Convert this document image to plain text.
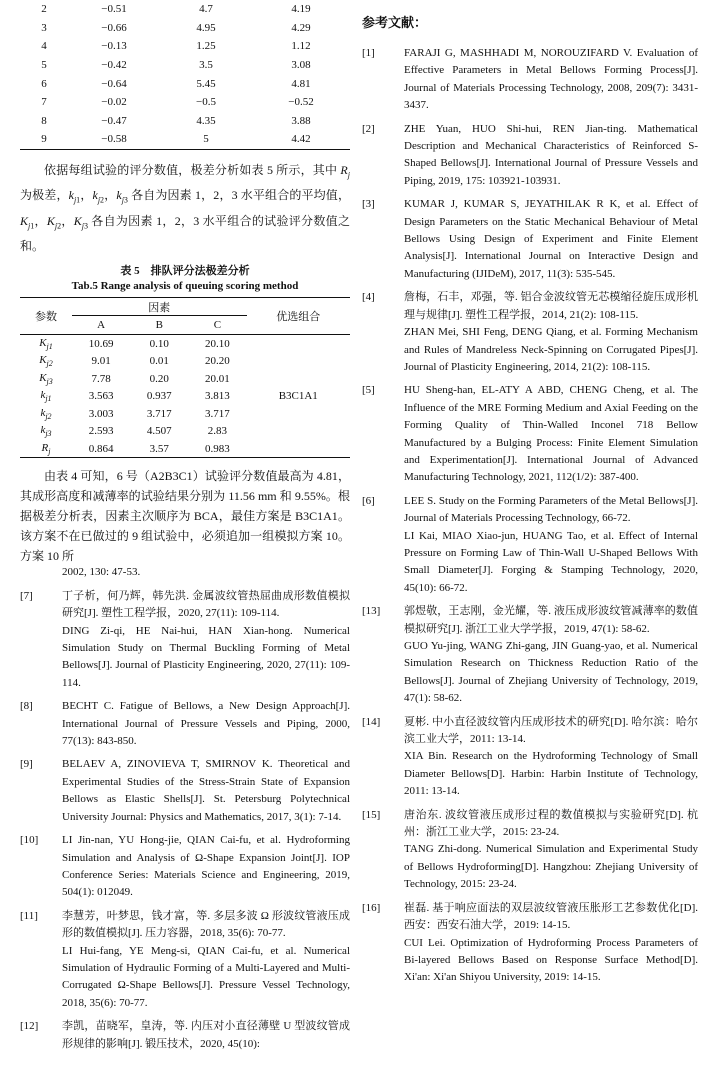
2	−0.51	4.7	4.19
3	−0.66	4.95	4.29
4	−0.13	1.25	1.12
5	−0.42	3.5	3.08
6	−0.64	5.45	4.81
7	−0.02	−0.5	−0.52
8	−0.47	4.35	3.88
9	−0.58	5	4.42

依据每组试验的评分数值，极差分析如表 5 所示，其中 $R_j$ 为极差，$k_{j1}$，$k_{j2}$，$k_{j3}$ 各自为因素 1，2，3 水平组合的平均值，$K_{j1}$，$K_{j2}$，$K_{j3}$ 各自为因素 1，2，3 水平组合的试验评分数值之和。

表 5　排队评分法极差分析

Tab.5 Range analysis of queuing scoring method

参数	因素			优选组合
	A	B	C	
$K_{j1}$	10.69	0.10	20.10	B3C1A1
$K_{j2}$	9.01	0.01	20.20	
$K_{j3}$	7.78	0.20	20.01	
$k_{j1}$	3.563	0.937	3.813	
$k_{j2}$	3.003	3.717	3.717	
$k_{j3}$	2.593	4.507	2.83	
$R_j$	0.864	3.57	0.983	

由表 4 可知，6 号（A2B3C1）试验评分数值最高为 4.81，其成形高度和减薄率的试验结果分别为 11.56 mm 和 9.55%。根据极差分析表，因素主次顺序为 BCA，最佳方案是 B3C1A1。该方案不在已做过的 9 组试验中，必须追加一组模拟方案 10。方案 10 所

2002, 130: 47-53.

[7]	丁子析，何乃辉，韩先洪. 金属波纹管热屈曲成形数值模拟研究[J]. 塑性工程学报，2020, 27(11): 109-114.
DING Zi-qi, HE Nai-hui, HAN Xian-hong. Numerical Simulation Study on Thermal Buckling Forming of Metal Bellows[J]. Journal of Plasticity Engineering, 2020, 27(11): 109-114.

[8]	BECHT C. Fatigue of Bellows, a New Design Approach[J]. International Journal of Pressure Vessels and Piping, 2000, 77(13): 843-850.

[9]	BELAEV A, ZINOVIEVA T, SMIRNOV K. Theoretical and Experimental Studies of the Stress-Strain State of Expansion Bellows as Elastic Shells[J]. St. Petersburg Polytechnical University Journal: Physics and Mathematics, 2017, 3(1): 7-14.

[10] LI Jin-nan, YU Hong-jie, QIAN Cai-fu, et al. Hydroforming Simulation and Analysis of Ω-Shape Expansion Joint[J]. IOP Conference Series: Materials Science and Engineering, 2019, 504(1): 012049.

[11] 李慧芳，叶梦思，钱才富，等. 多层多波 Ω 形波纹管液压成形的数值模拟[J]. 压力容器，2018, 35(6): 70-77.
LI Hui-fang, YE Meng-si, QIAN Cai-fu, et al. Numerical Simulation of Hydraulic Forming of a Multi-Layered and Multi-Corrugated Ω-Shape Bellows[J]. Pressure Vessel Technology, 2018, 35(6): 70-77.

[12] 李凯，苗晓军，皇涛，等. 内压对小直径薄壁 U 型波纹管成形规律的影响[J]. 锻压技术，2020, 45(10):

参考文献：

[1]	FARAJI G, MASHHADI M, NOROUZIFARD V. Evaluation of Effective Parameters in Metal Bellows Forming Process[J]. Journal of Materials Processing Technology, 2008, 209(7): 3431-3437.

[2]	ZHE Yuan, HUO Shi-hui, REN Jian-ting. Mathematical Description and Mechanical Characteristics of Reinforced S-Shaped Bellows[J]. International Journal of Pressure Vessels and Piping, 2019, 175: 103921-103931.

[3]	KUMAR J, KUMAR S, JEYATHILAK R K, et al. Effect of Design Parameters on the Static Mechanical Behaviour of Metal Bellows Using Design of Experiment and Finite Element Analysis[J]. International Journal on Interactive Design and Manufacturing (IJIDeM), 2017, 11(3): 535-545.

[4]	詹梅，石丰，邓强，等. 铝合金波纹管无芯模缩径旋压成形机理与规律[J]. 塑性工程学报，2014, 21(2): 108-115.
ZHAN Mei, SHI Feng, DENG Qiang, et al. Forming Mechanism and Rules of Mandreless Neck-Spinning on Corrugated Pipes[J]. Journal of Plasticity Engineering, 2014, 21(2): 108-115.

[5]	HU Sheng-han, EL-ATY A ABD, CHENG Cheng, et al. The Influence of the MRE Forming Medium and Axial Feeding on the Forming Quality of Thin-Walled Inconel 718 Bellow Manufactured by a Bulging Process: Finite Element Simulation and Experimentation[J]. International Journal of Advanced Manufacturing Technology, 2021, 112(1/2): 387-400.

[6]	LEE S. Study on the Forming Parameters of the Metal Bellows[J]. Journal of Materials Processing Technology, 66-72.
LI Kai, MIAO Xiao-jun, HUANG Tao, et al. Effect of Internal Pressure on Forming Law of Thin-Wall U-Shaped Bellows With Small Diameter[J]. Forging & Stamping Technology, 2020, 45(10): 66-72.

[13] 郭煜敬，王志刚，金光耀，等. 液压成形波纹管减薄率的数值模拟研究[J]. 浙江工业大学学报，2019, 47(1): 58-62.
GUO Yu-jing, WANG Zhi-gang, JIN Guang-yao, et al. Numerical Simulation Research on Thickness Reduction Ratio of the Bellows[J]. Journal of Zhejiang University of Technology, 2019, 47(1): 58-62.

[14] 夏彬. 中小直径波纹管内压成形技术的研究[D]. 哈尔滨：哈尔滨工业大学，2011: 13-14.
XIA Bin. Research on the Hydroforming Technology of Small Diameter Bellows[D]. Harbin: Harbin Institute of Technology, 2011: 13-14.

[15] 唐治东. 波纹管液压成形过程的数值模拟与实验研究[D]. 杭州：浙江工业大学，2015: 23-24.
TANG Zhi-dong. Numerical Simulation and Experimental Study of Bellows Hydroforming[D]. Hangzhou: Zhejiang University of Technology, 2015: 23-24.

[16] 崔磊. 基于响应面法的双层波纹管液压胀形工艺参数优化[D]. 西安：西安石油大学，2019: 14-15.
CUI Lei. Optimization of Hydroforming Process Parameters of Bi-layered Bellows Based on Response Surface Method[D]. Xi'an: Xi'an Shiyou University, 2019: 14-15.
